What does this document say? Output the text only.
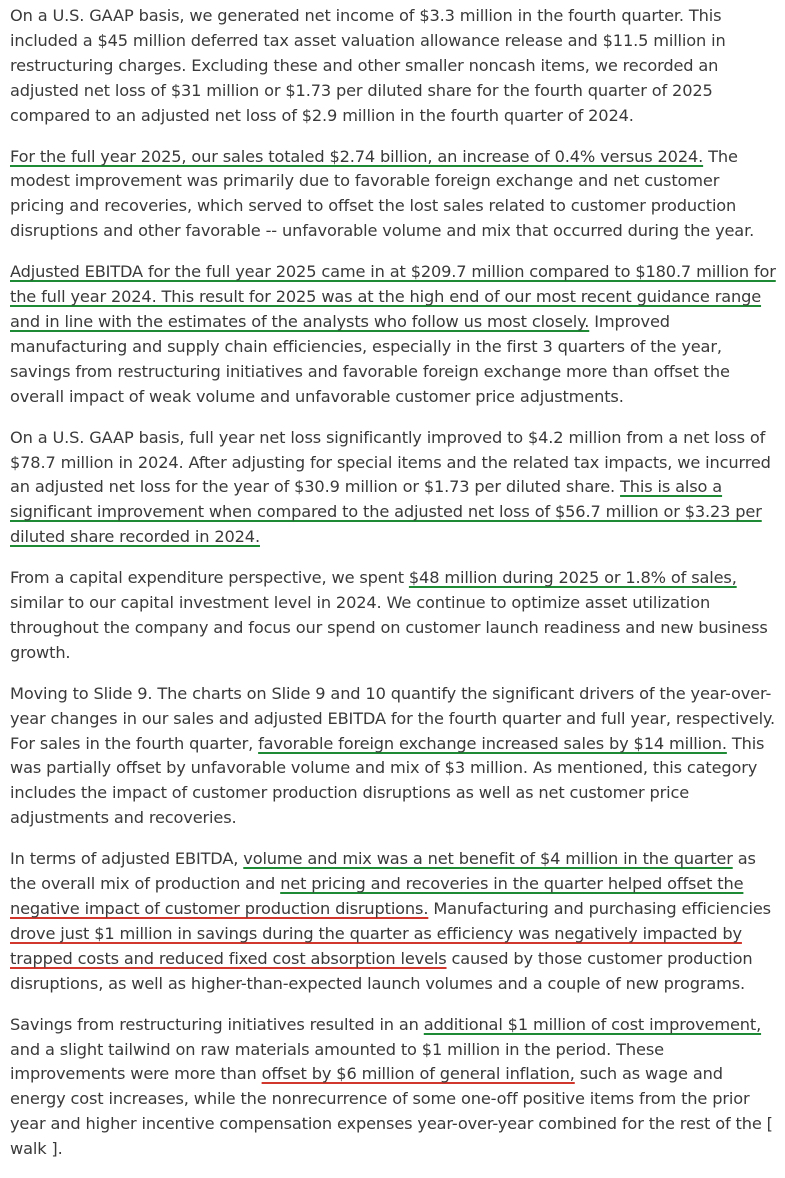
On a U.S. GAAP basis, we generated net income of $3.3 million in the fourth quarter. This included a $45 million deferred tax asset valuation allowance release and $11.5 million in restructuring charges. Excluding these and other smaller noncash items, we recorded an adjusted net loss of $31 million or $1.73 per diluted share for the fourth quarter of 2025 compared to an adjusted net loss of $2.9 million in the fourth quarter of 2024.

For the full year 2025, our sales totaled $2.74 billion, an increase of 0.4% versus 2024. The modest improvement was primarily due to favorable foreign exchange and net customer pricing and recoveries, which served to offset the lost sales related to customer production disruptions and other favorable -- unfavorable volume and mix that occurred during the year.

Adjusted EBITDA for the full year 2025 came in at $209.7 million compared to $180.7 million for the full year 2024. This result for 2025 was at the high end of our most recent guidance range and in line with the estimates of the analysts who follow us most closely. Improved manufacturing and supply chain efficiencies, especially in the first 3 quarters of the year, savings from restructuring initiatives and favorable foreign exchange more than offset the overall impact of weak volume and unfavorable customer price adjustments.

On a U.S. GAAP basis, full year net loss significantly improved to $4.2 million from a net loss of $78.7 million in 2024. After adjusting for special items and the related tax impacts, we incurred an adjusted net loss for the year of $30.9 million or $1.73 per diluted share. This is also a significant improvement when compared to the adjusted net loss of $56.7 million or $3.23 per diluted share recorded in 2024.

From a capital expenditure perspective, we spent $48 million during 2025 or 1.8% of sales, similar to our capital investment level in 2024. We continue to optimize asset utilization throughout the company and focus our spend on customer launch readiness and new business growth.

Moving to Slide 9. The charts on Slide 9 and 10 quantify the significant drivers of the year-over-year changes in our sales and adjusted EBITDA for the fourth quarter and full year, respectively. For sales in the fourth quarter, favorable foreign exchange increased sales by $14 million. This was partially offset by unfavorable volume and mix of $3 million. As mentioned, this category includes the impact of customer production disruptions as well as net customer price adjustments and recoveries.

In terms of adjusted EBITDA, volume and mix was a net benefit of $4 million in the quarter as the overall mix of production and net pricing and recoveries in the quarter helped offset the negative impact of customer production disruptions. Manufacturing and purchasing efficiencies drove just $1 million in savings during the quarter as efficiency was negatively impacted by trapped costs and reduced fixed cost absorption levels caused by those customer production disruptions, as well as higher-than-expected launch volumes and a couple of new programs.

Savings from restructuring initiatives resulted in an additional $1 million of cost improvement, and a slight tailwind on raw materials amounted to $1 million in the period. These improvements were more than offset by $6 million of general inflation, such as wage and energy cost increases, while the nonrecurrence of some one-off positive items from the prior year and higher incentive compensation expenses year-over-year combined for the rest of the [ walk ].
